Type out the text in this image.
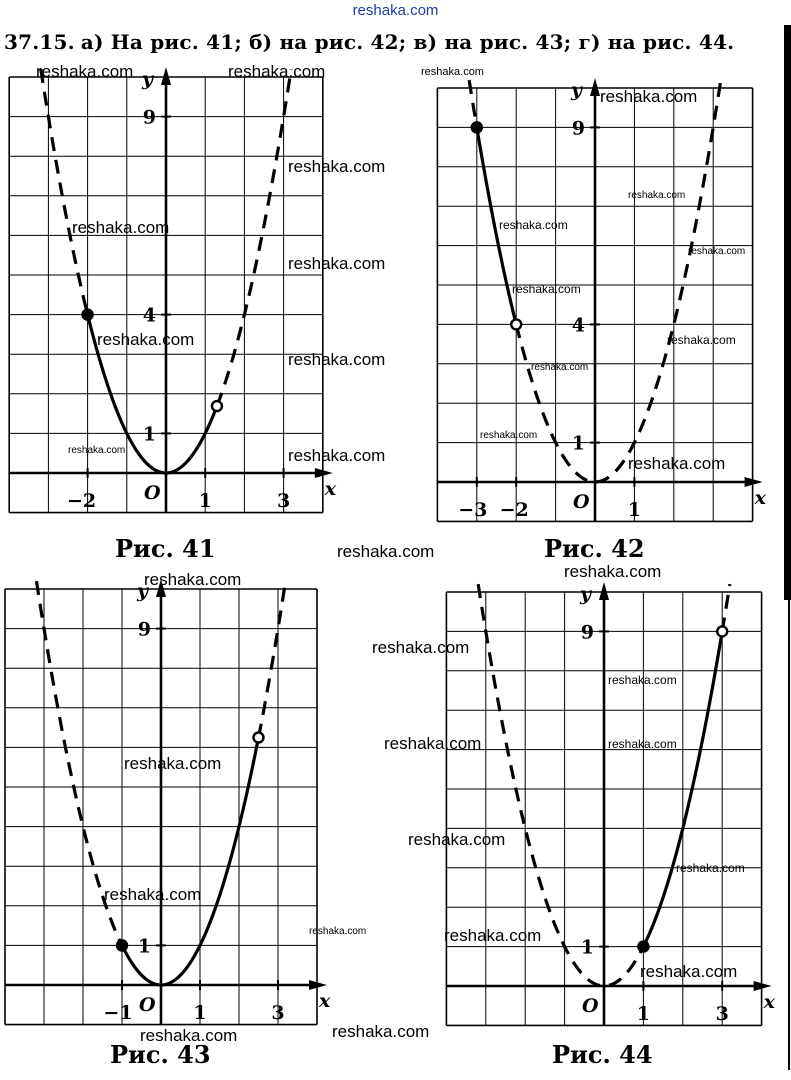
reshaka.com
37.15. а) На рис. 41; б) на рис. 42; в) на рис. 43; г) на рис. 44.
x
y
O
−2	1	3
1
4
9
Рис. 41
x
y
O
−3 −2	1
1
4
9
Рис. 42
x
y
O
−1	1	3
1
9
Рис. 43
x
y
O 1	3
1
9
Рис. 44
reshaka.com	reshaka.com	reshaka.com
reshaka.com
reshaka.com
reshaka.com
reshaka.com	reshaka.com
reshaka.com
reshaka.com
reshaka.com
reshaka.com	reshaka.com
reshaka.com	reshaka.com
reshaka.com
reshaka.com	reshaka.com	reshaka.com
reshaka.com
reshaka.com
reshaka.com
reshaka.com
reshaka.com
reshaka.com	reshaka.com
reshaka.com
reshaka.com
reshaka.com
reshaka.com
reshaka.com	reshaka.com
reshaka.com
reshaka.com	reshaka.com
